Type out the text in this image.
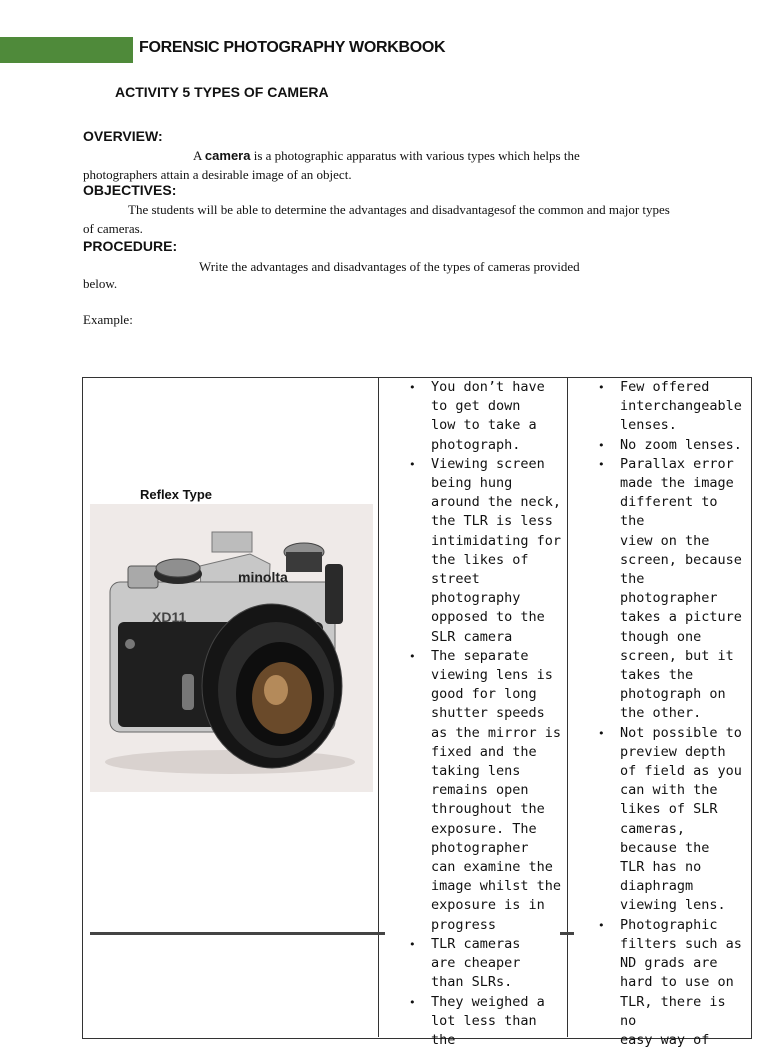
FORENSIC PHOTOGRAPHY WORKBOOK
ACTIVITY 5 TYPES OF CAMERA
OVERVIEW:
A camera is a photographic apparatus with various types which helps the
photographers attain a desirable image of an object.
OBJECTIVES:
The students will be able to determine the advantages and disadvantagesof the common and major types
of cameras.
PROCEDURE:
Write the advantages and disadvantages of the types of cameras provided
below.
Example:
Reflex Type
minolta
XD11
• You don’t have
to get down
low to take a
photograph.
• Viewing screen
being hung
around the neck,
the TLR is less
intimidating for
the likes of street
photography
opposed to the
SLR camera
• The separate
viewing lens is
good for long
shutter speeds
as the mirror is
fixed and the
taking lens
remains open
throughout the
exposure. The
photographer
can examine the
image whilst the
exposure is in
progress
• TLR cameras
are cheaper
than SLRs.
• They weighed a
lot less than the
• Few offered
interchangeable
lenses.
• No zoom lenses.
• Parallax error
made the image
different to the
view on the
screen, because
the
photographer
takes a picture
though one
screen, but it
takes the
photograph on
the other.
• Not possible to
preview depth
of field as you
can with the
likes of SLR
cameras,
because the
TLR has no
diaphragm
viewing lens.
• Photographic
filters such as
ND grads are
hard to use on
TLR, there is no
easy way of
